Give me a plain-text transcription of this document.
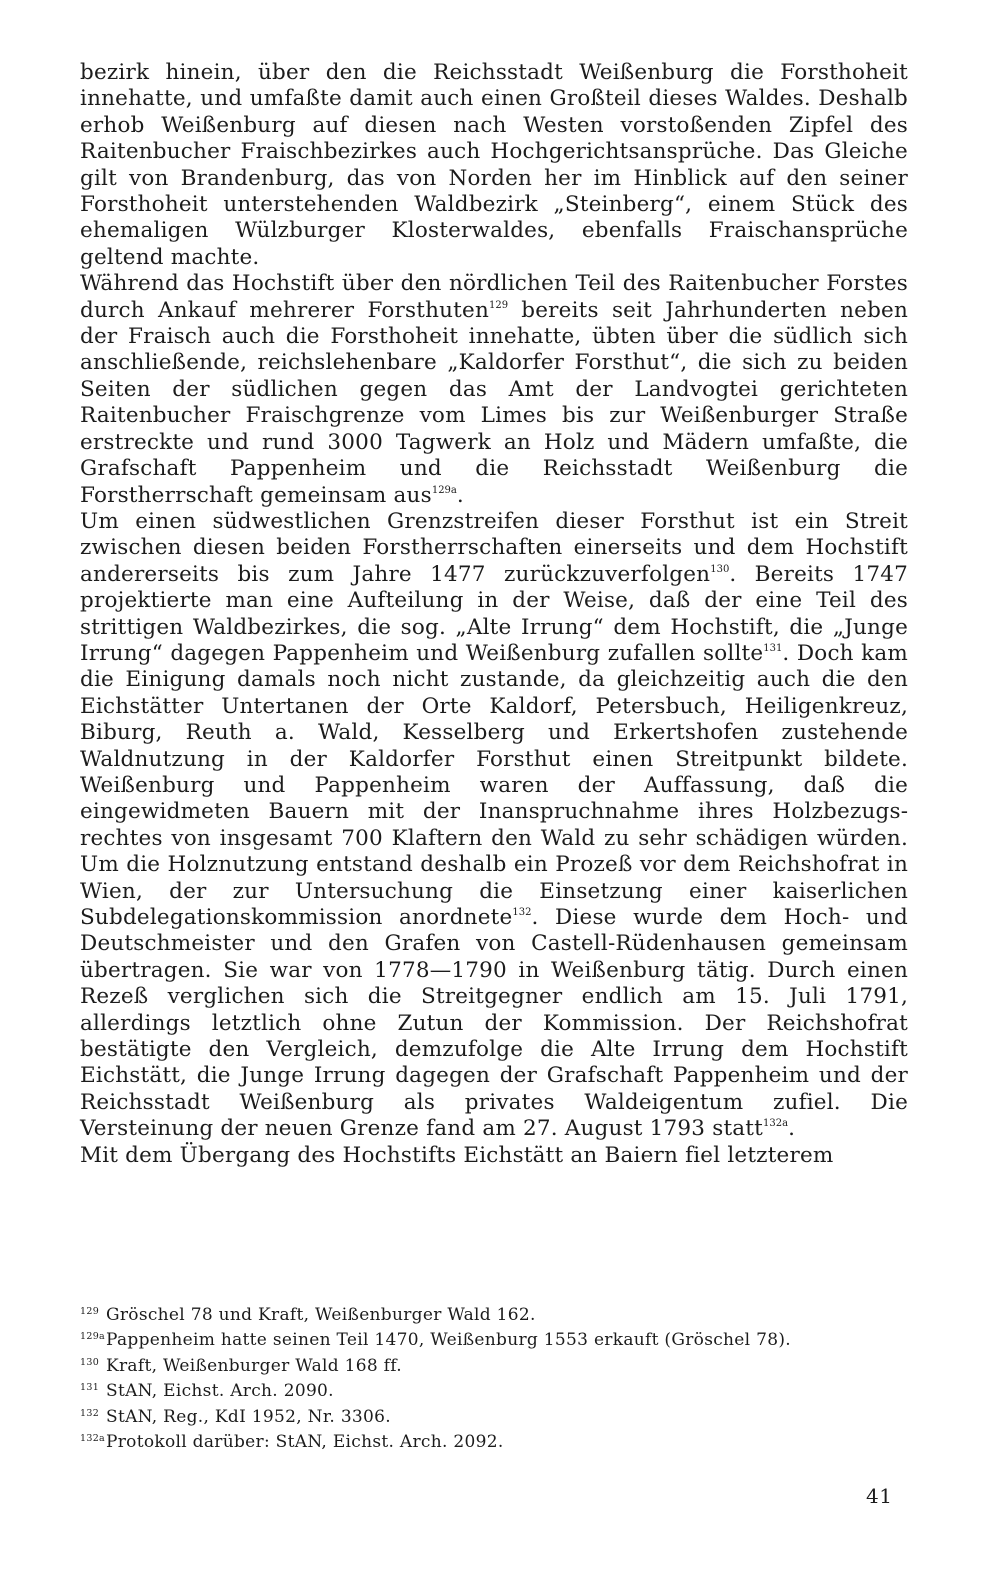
bezirk hinein, über den die Reichsstadt Weißenburg die Forsthoheit innehatte, und umfaßte damit auch einen Großteil dieses Waldes. Deshalb erhob Weißenburg auf diesen nach Westen vorstoßenden Zipfel des Raitenbucher Fraischbezirkes auch Hochgerichtsansprüche. Das Gleiche gilt von Brandenburg, das von Norden her im Hinblick auf den seiner Forsthoheit unterstehenden Waldbezirk „Steinberg“, einem Stück des ehemaligen Wülzburger Klosterwaldes, ebenfalls Fraischansprüche geltend machte.

Während das Hochstift über den nördlichen Teil des Raitenbucher Forstes durch Ankauf mehrerer Forsthuten$^{129}$ bereits seit Jahrhunderten neben der Fraisch auch die Forsthoheit innehatte, übten über die südlich sich anschließende, reichslehenbare „Kaldorfer Forsthut“, die sich zu beiden Seiten der südlichen gegen das Amt der Landvogtei gerichteten Raitenbucher Fraischgrenze vom Limes bis zur Weißenburger Straße erstreckte und rund 3000 Tagwerk an Holz und Mädern umfaßte, die Grafschaft Pappenheim und die Reichsstadt Weißenburg die Forstherrschaft gemeinsam aus$^{129a}$.

Um einen südwestlichen Grenzstreifen dieser Forsthut ist ein Streit zwischen diesen beiden Forstherrschaften einerseits und dem Hochstift andererseits bis zum Jahre 1477 zurückzuverfolgen$^{130}$. Bereits 1747 projektierte man eine Aufteilung in der Weise, daß der eine Teil des strittigen Waldbezirkes, die sog. „Alte Irrung“ dem Hochstift, die „Junge Irrung“ dagegen Pappenheim und Weißenburg zufallen sollte$^{131}$. Doch kam die Einigung damals noch nicht zustande, da gleichzeitig auch die den Eichstätter Untertanen der Orte Kaldorf, Petersbuch, Heiligenkreuz, Biburg, Reuth a. Wald, Kesselberg und Erkertshofen zustehende Waldnutzung in der Kaldorfer Forsthut einen Streitpunkt bildete. Weißenburg und Pappenheim waren der Auffassung, daß die eingewidmeten Bauern mit der Inanspruchnahme ihres Holzbezugsrechtes von insgesamt 700 Klaftern den Wald zu sehr schädigen würden. Um die Holznutzung entstand deshalb ein Prozeß vor dem Reichshofrat in Wien, der zur Untersuchung die Einsetzung einer kaiserlichen Subdelegationskommission anordnete$^{132}$. Diese wurde dem Hoch- und Deutschmeister und den Grafen von Castell-Rüdenhausen gemeinsam übertragen. Sie war von 1778—1790 in Weißenburg tätig. Durch einen Rezeß verglichen sich die Streitgegner endlich am 15. Juli 1791, allerdings letztlich ohne Zutun der Kommission. Der Reichshofrat bestätigte den Vergleich, demzufolge die Alte Irrung dem Hochstift Eichstätt, die Junge Irrung dagegen der Grafschaft Pappenheim und der Reichsstadt Weißenburg als privates Waldeigentum zufiel. Die Versteinung der neuen Grenze fand am 27. August 1793 statt$^{132a}$.

Mit dem Übergang des Hochstifts Eichstätt an Baiern fiel letzterem

129 Gröschel 78 und Kraft, Weißenburger Wald 162.
129a Pappenheim hatte seinen Teil 1470, Weißenburg 1553 erkauft (Gröschel 78).
130 Kraft, Weißenburger Wald 168 ff.
131 StAN, Eichst. Arch. 2090.
132 StAN, Reg., KdI 1952, Nr. 3306.
132a Protokoll darüber: StAN, Eichst. Arch. 2092.
41
